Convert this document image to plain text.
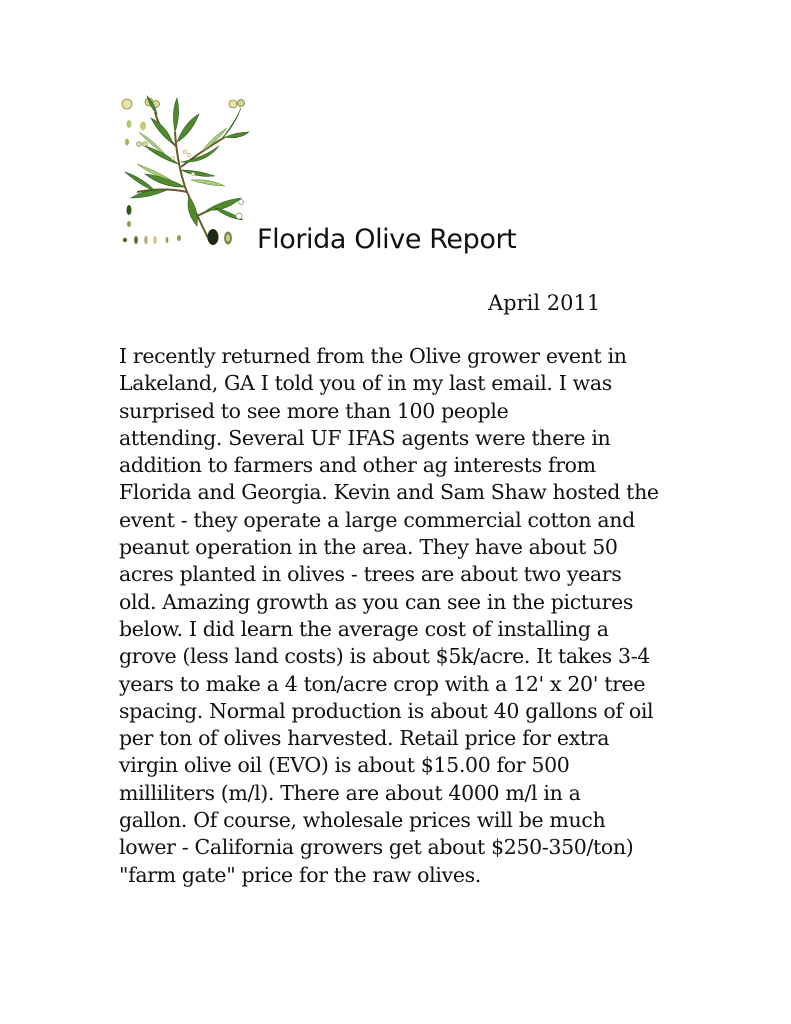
Florida Olive Report
April 2011
I recently returned from the Olive grower event in
Lakeland, GA I told you of in my last email. I was
surprised to see more than 100 people
attending. Several UF IFAS agents were there in
addition to farmers and other ag interests from
Florida and Georgia. Kevin and Sam Shaw hosted the
event - they operate a large commercial cotton and
peanut operation in the area. They have about 50
acres planted in olives - trees are about two years
old. Amazing growth as you can see in the pictures
below. I did learn the average cost of installing a
grove (less land costs) is about $5k/acre. It takes 3-4
years to make a 4 ton/acre crop with a 12' x 20' tree
spacing. Normal production is about 40 gallons of oil
per ton of olives harvested. Retail price for extra
virgin olive oil (EVO) is about $15.00 for 500
milliliters (m/l). There are about 4000 m/l in a
gallon. Of course, wholesale prices will be much
lower - California growers get about $250-350/ton)
"farm gate" price for the raw olives.
